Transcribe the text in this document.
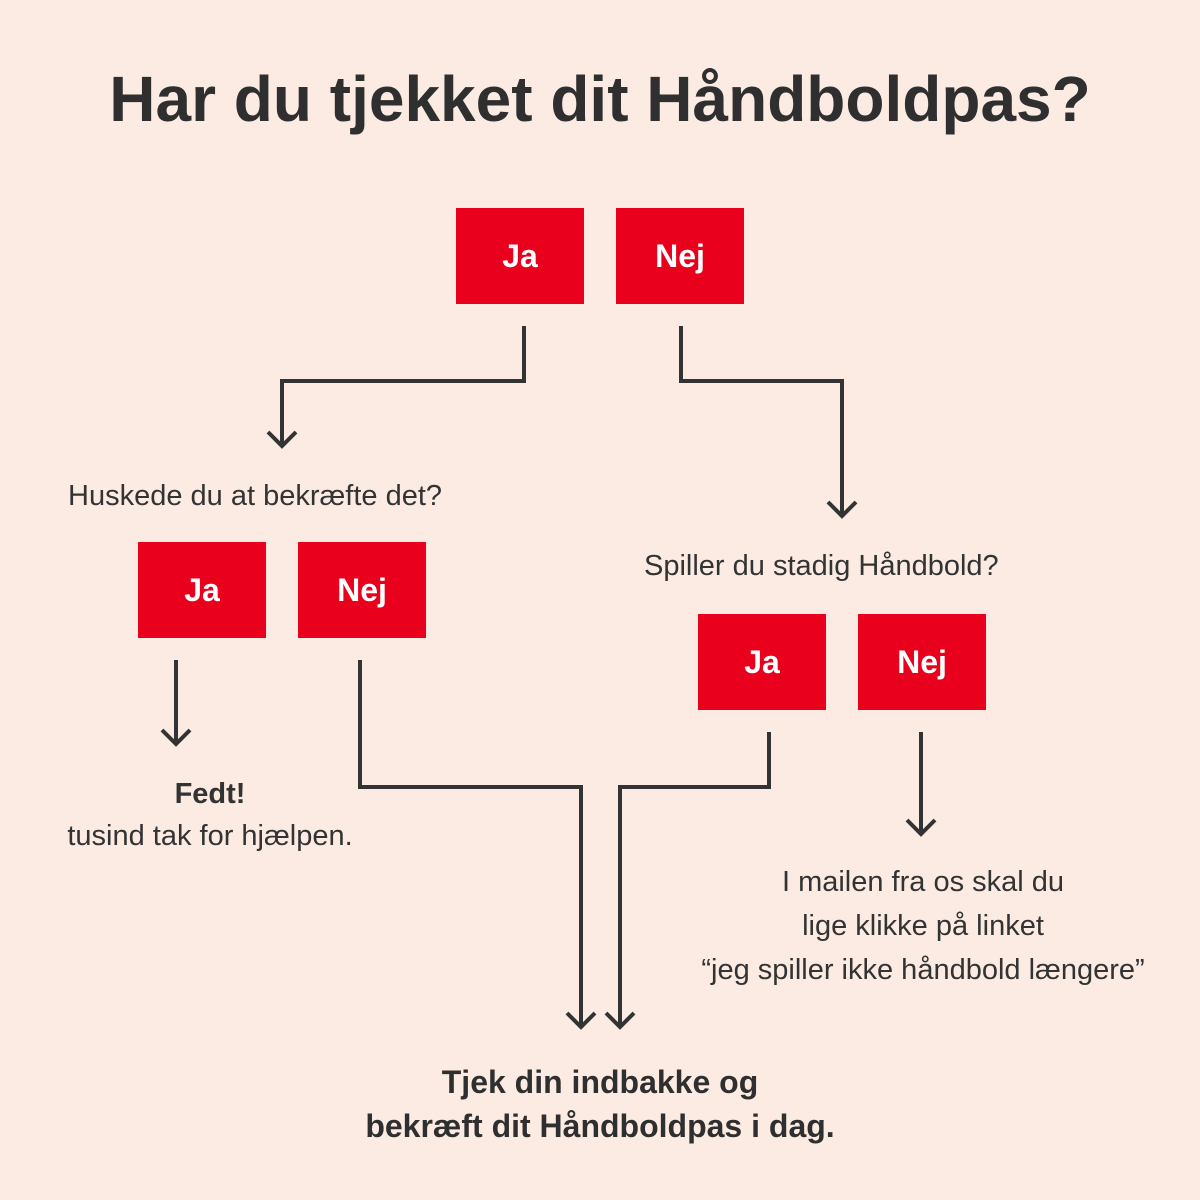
Har du tjekket dit Håndboldpas?
Ja	Nej
Huskede du at bekræfte det?
Ja	Nej
Fedt!
tusind tak for hjælpen.
Spiller du stadig Håndbold?
Ja	Nej
I mailen fra os skal du
lige klikke på linket
“jeg spiller ikke håndbold længere”
Tjek din indbakke og
bekræft dit Håndboldpas i dag.
